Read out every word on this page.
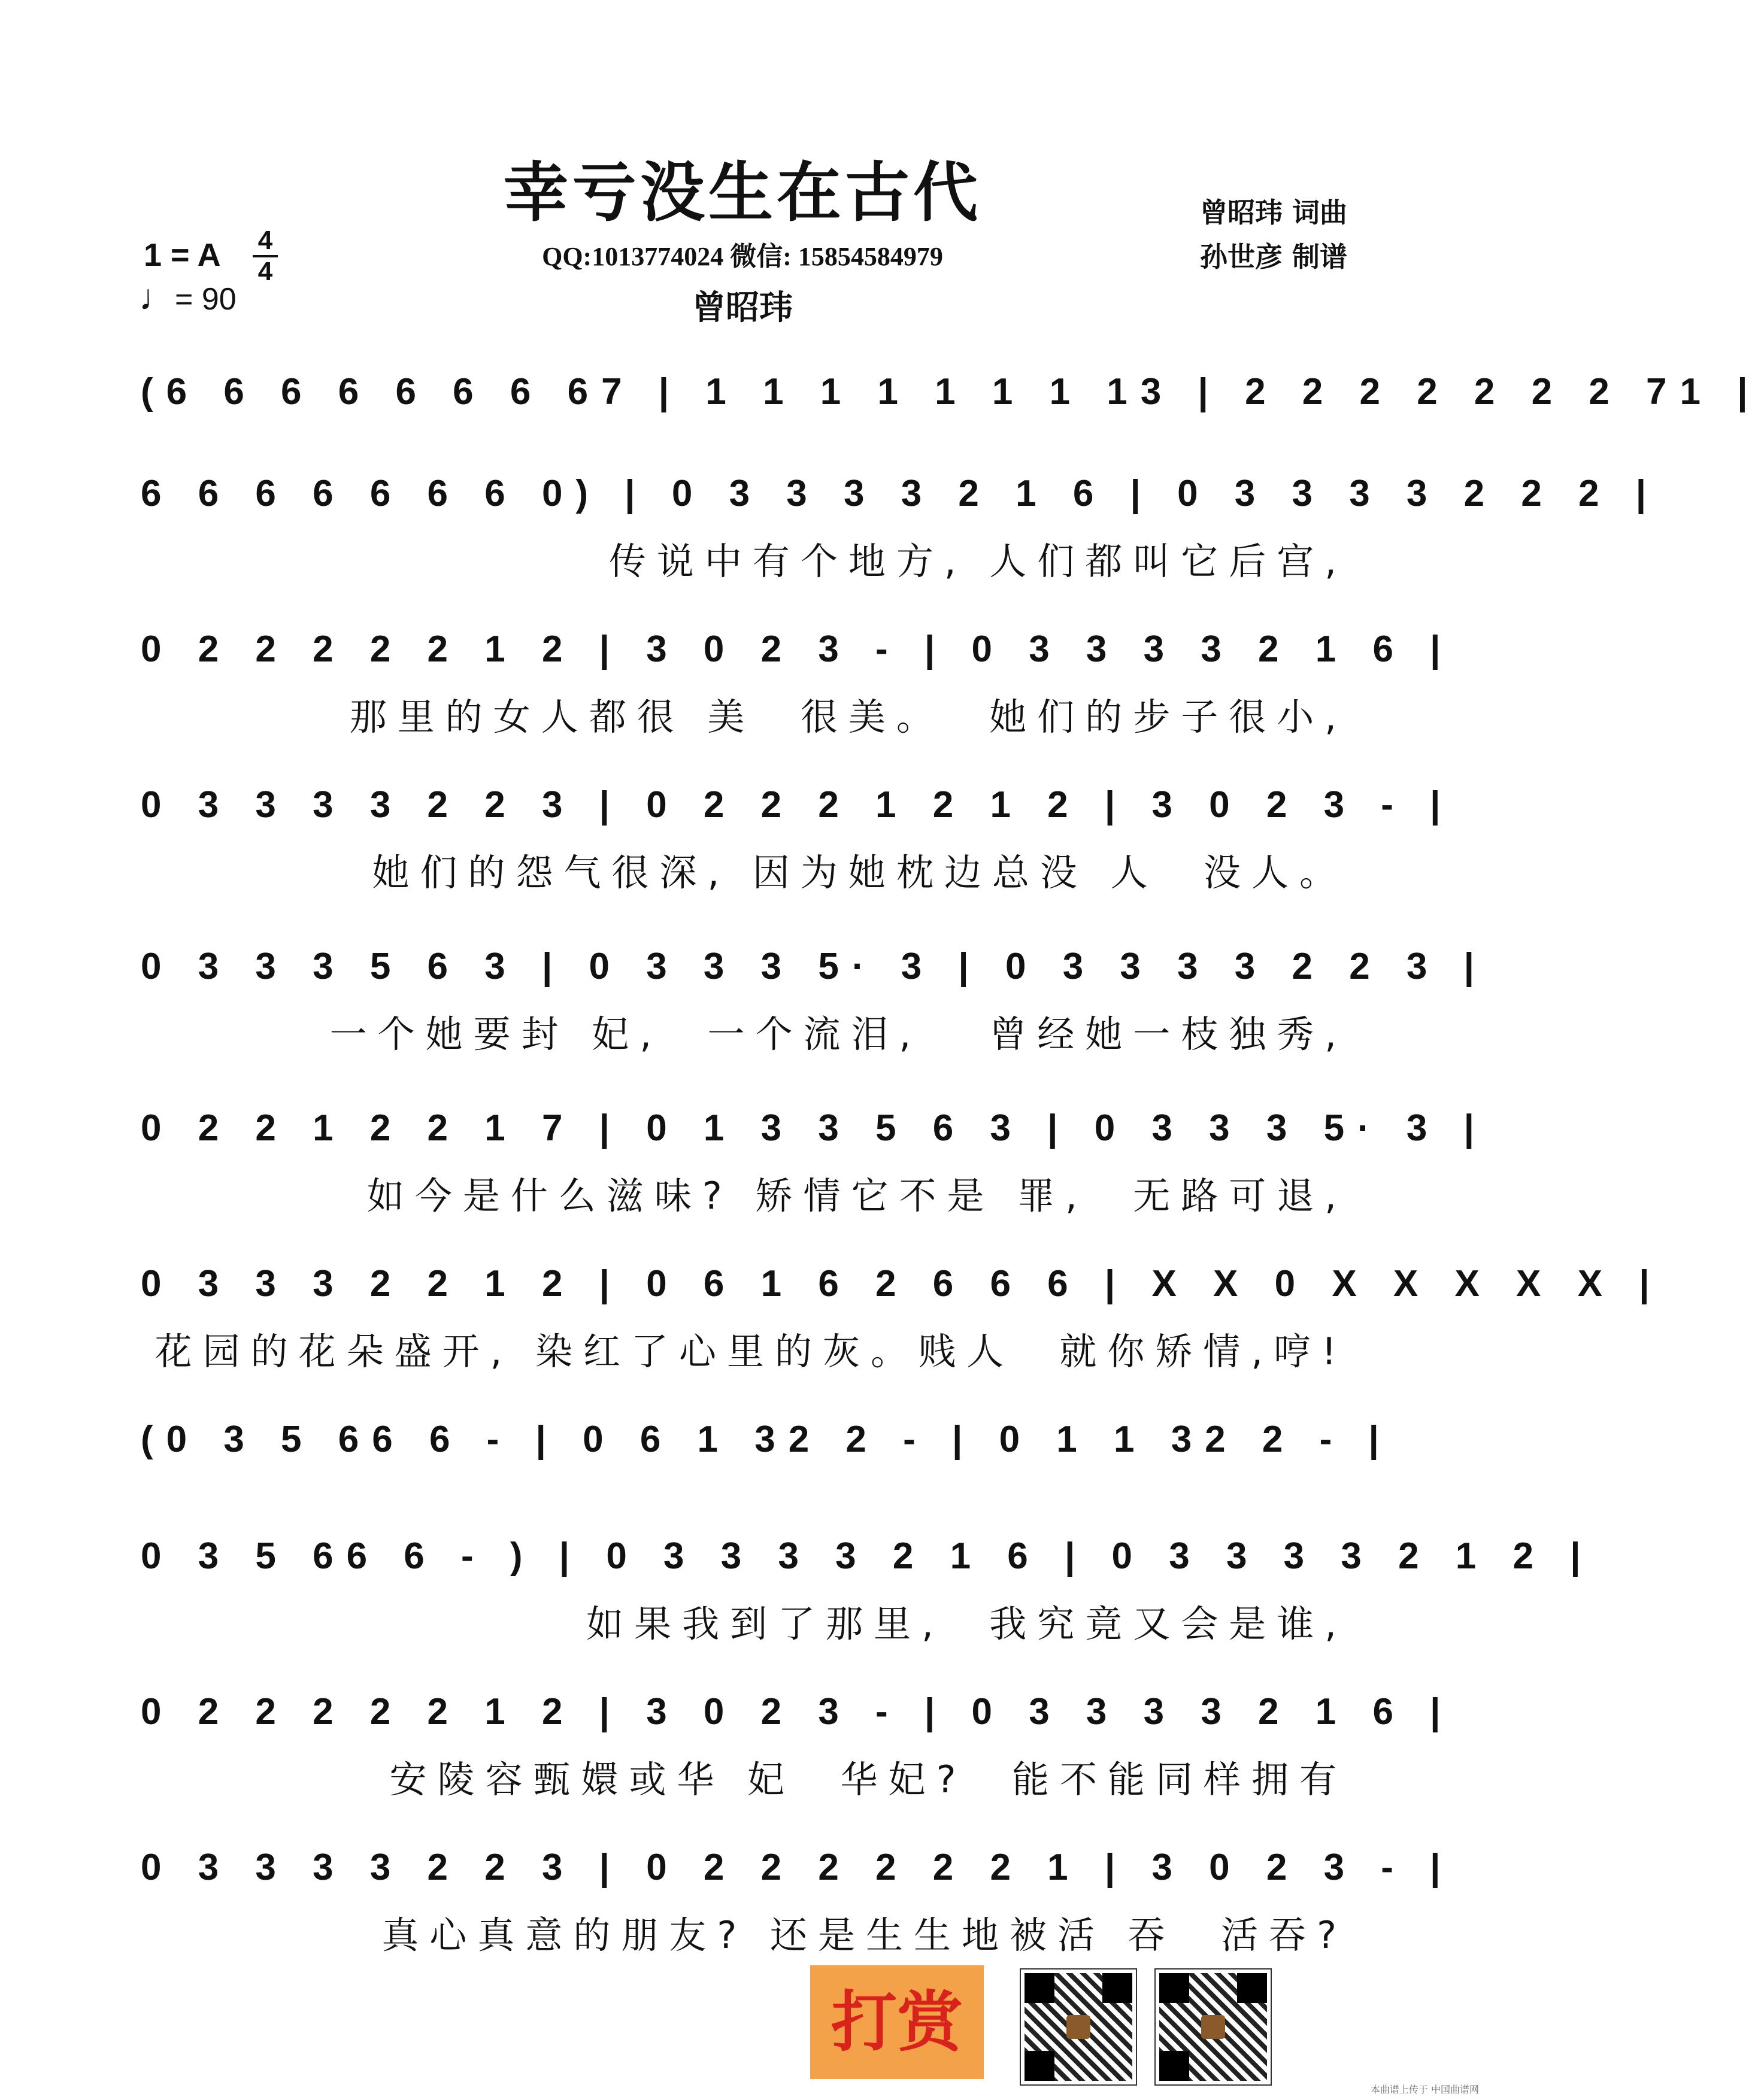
幸亏没生在古代
QQ:1013774024 微信: 15854584979
曾昭玮
曾昭玮 词曲
孙世彦 制谱
1 = A 4
4
♩= 90
(6 6 6 6 6 6 6 67 | 1 1 1 1 1 1 1 13 | 2 2 2 2 2 2 2 71 |
6 6 6 6 6 6 6 0) | 0 3 3 3 3 2 1 6 | 0 3 3 3 3 2 2 2 |
传说中有个地方, 人们都叫它后宫,
0 2 2 2 2 2 1 2 | 3 0 2 3 - | 0 3 3 3 3 2 1 6 |
那里的女人都很 美  很美。  她们的步子很小,
0 3 3 3 3 2 2 3 | 0 2 2 2 1 2 1 2 | 3 0 2 3 - |
她们的怨气很深, 因为她枕边总没 人  没人。
0 3 3 3 5 6 3 | 0 3 3 3 5· 3 | 0 3 3 3 3 2 2 3 |
一个她要封 妃,  一个流泪,   曾经她一枝独秀,
0 2 2 1 2 2 1 7 | 0 1 3 3 5 6 3 | 0 3 3 3 5· 3 |
如今是什么滋味? 矫情它不是 罪,  无路可退,
0 3 3 3 2 2 1 2 | 0 6 1 6 2 6 6 6 | X X 0 X X X X X |
花园的花朵盛开, 染红了心里的灰。贱人  就你矫情,哼!
(0 3 5 66 6 - | 0 6 1 32 2 - | 0 1 1 32 2 - |
0 3 5 66 6 - ) | 0 3 3 3 3 2 1 6 | 0 3 3 3 3 2 1 2 |
如果我到了那里,  我究竟又会是谁,
0 2 2 2 2 2 1 2 | 3 0 2 3 - | 0 3 3 3 3 2 1 6 |
安陵容甄嬛或华 妃  华妃?  能不能同样拥有
0 3 3 3 3 2 2 3 | 0 2 2 2 2 2 2 1 | 3 0 2 3 - |
真心真意的朋友? 还是生生地被活 吞  活吞?
打赏
本曲谱上传于 中国曲谱网
